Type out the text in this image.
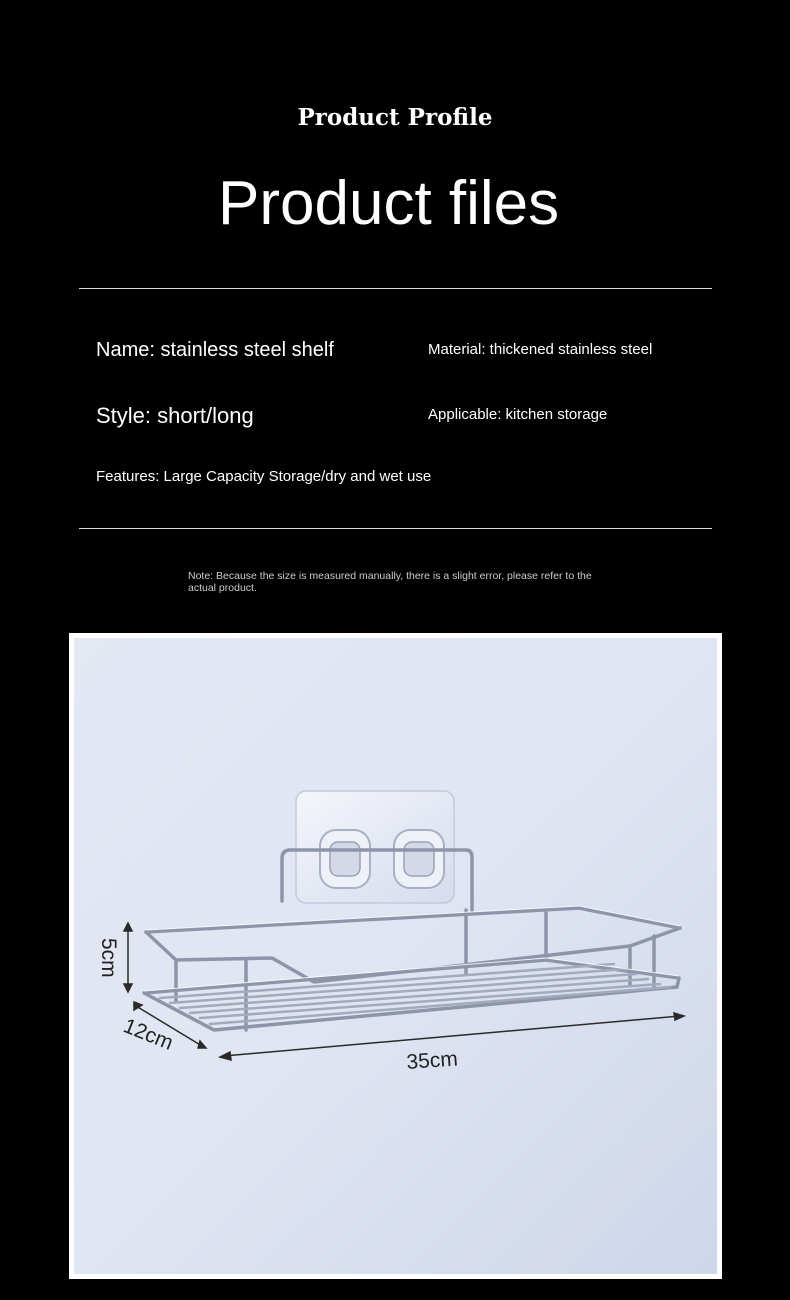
Product Profile
Product files
Name: stainless steel shelf	Material: thickened stainless steel
Style: short/long	Applicable: kitchen storage
Features: Large Capacity Storage/dry and wet use
Note: Because the size is measured manually, there is a slight error, please refer to the actual product.
5cm
12cm
35cm
